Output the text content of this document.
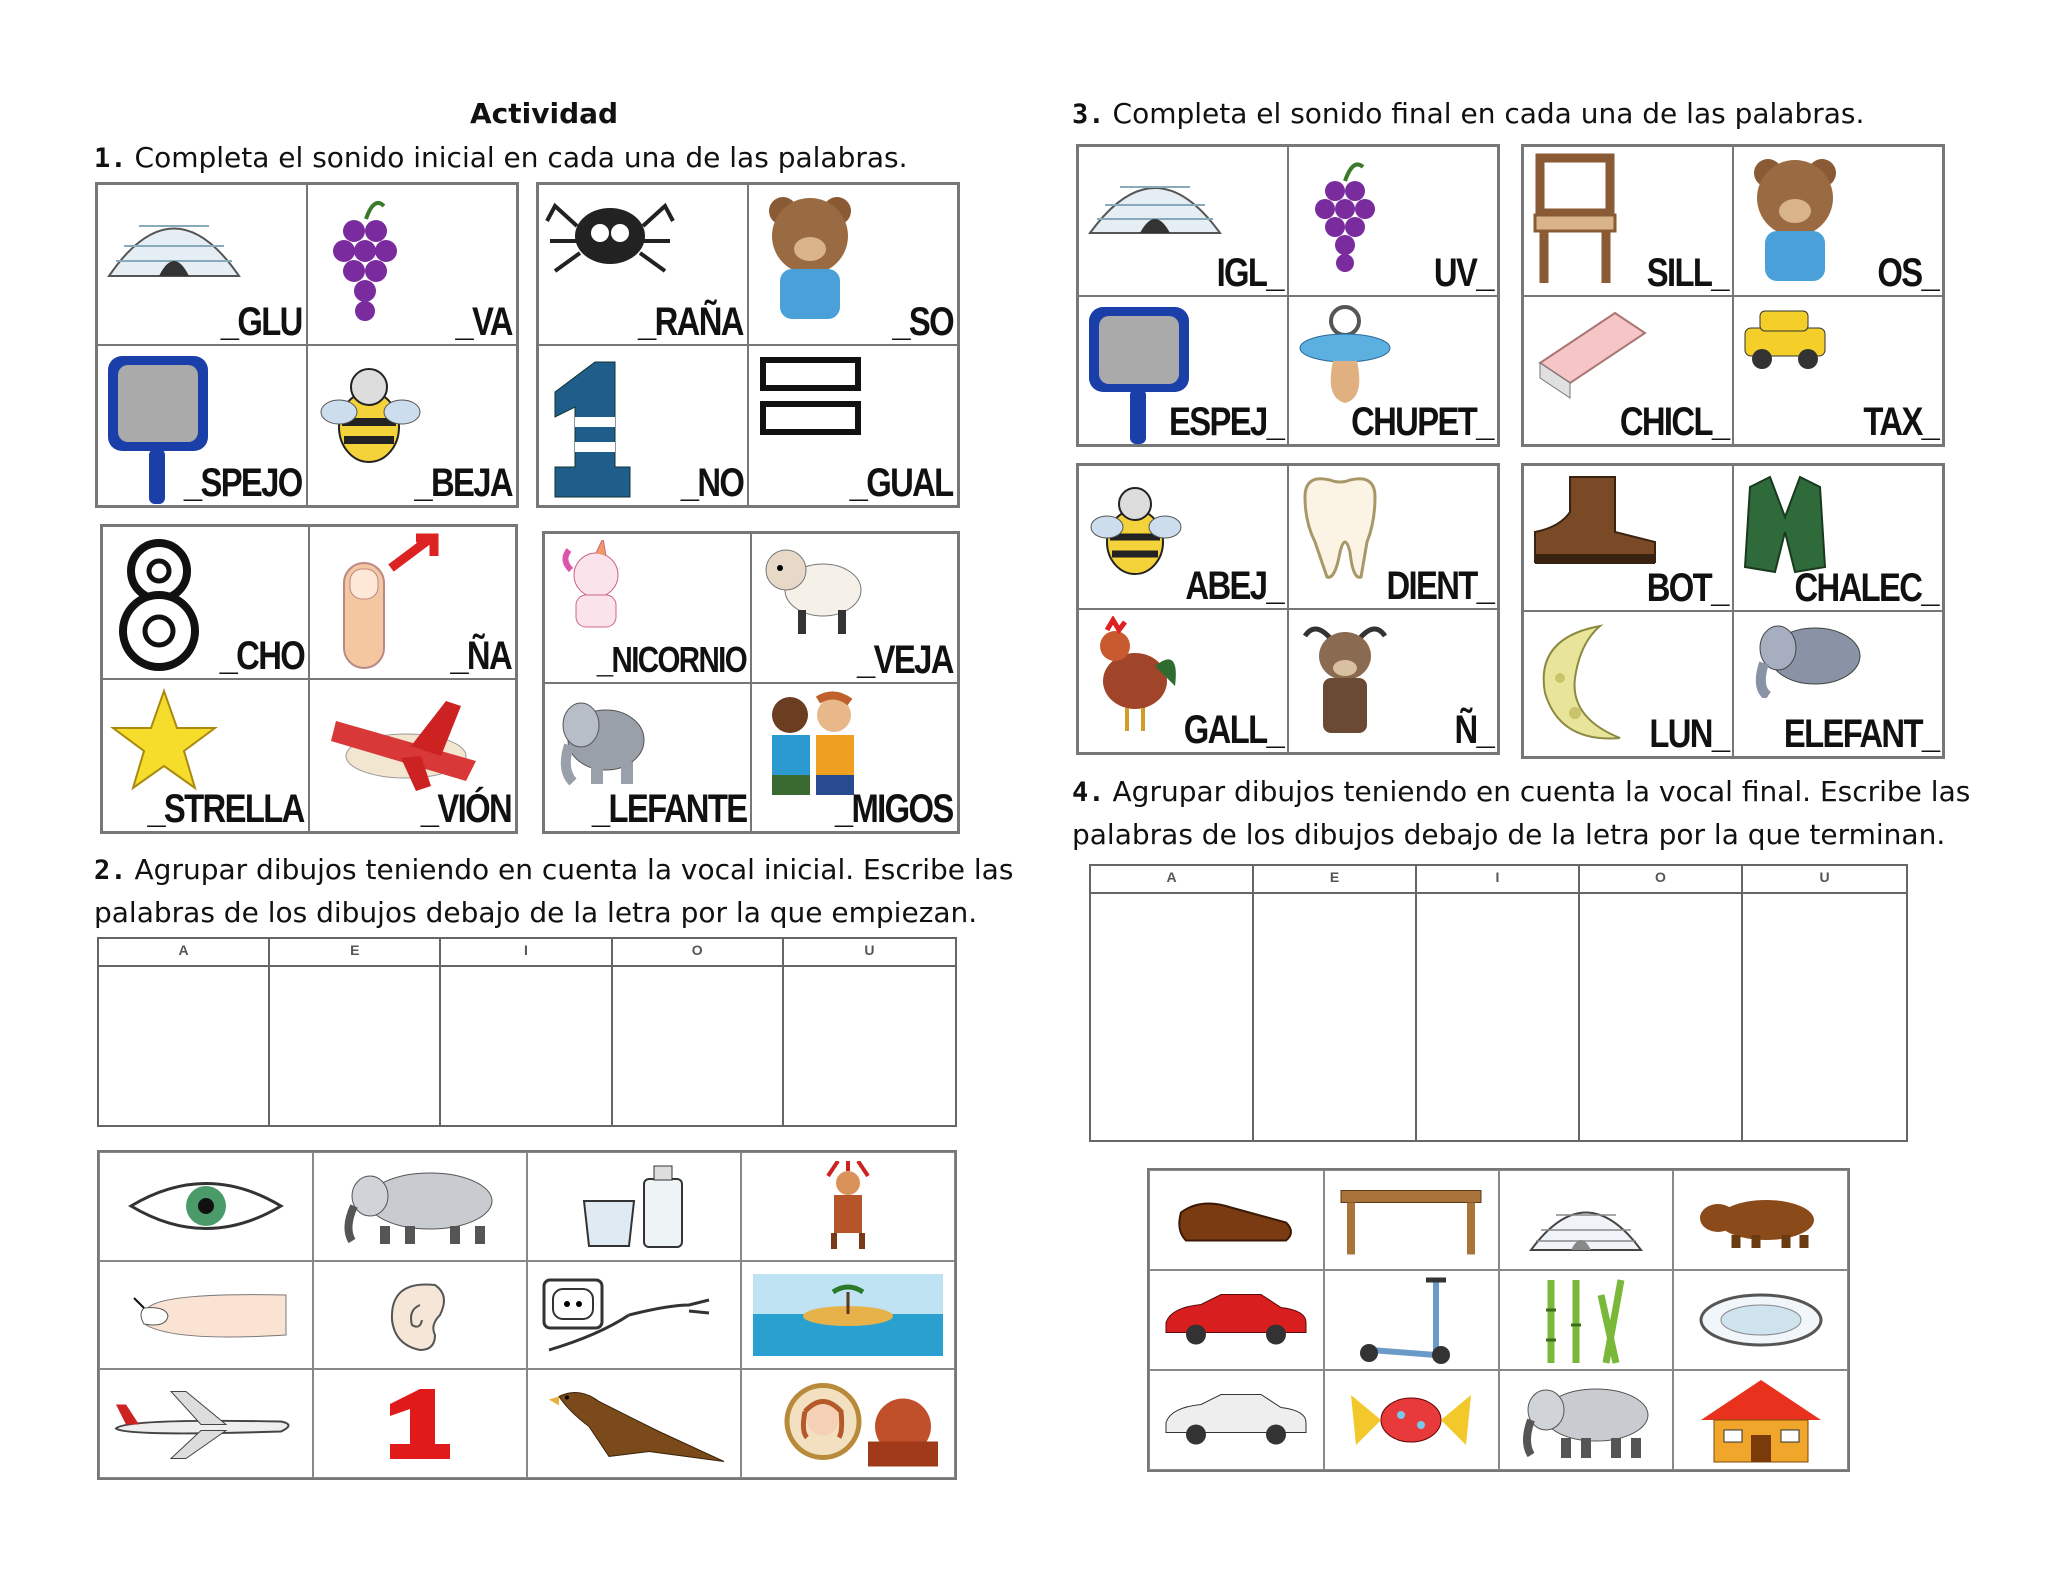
Actividad
1. Completa el sonido inicial en cada una de las palabras.
3. Completa el sonido final en cada una de las palabras.
2. Agrupar dibujos teniendo en cuenta la vocal inicial. Escribe las
palabras de los dibujos debajo de la letra por la que empiezan.
4. Agrupar dibujos teniendo en cuenta la vocal final. Escribe las
palabras de los dibujos debajo de la letra por la que terminan.
_GLU	_VA
_SPEJO	_BEJA
_RAÑA	_SO
_NO	_GUAL
_CHO	_ÑA
_STRELLA	_VIÓN
_NICORNIO	_VEJA
_LEFANTE _MIGOS
IGL_	UV_
ESPEJ_ CHUPET_
SILL_	OS_
CHICL_	TAX_
ABEJ_	DIENT_
GALL_	Ñ_
BOT_ CHALEC_
LUN_ ELEFANT_
A	E	I	O	U
A	E	I	O	U
